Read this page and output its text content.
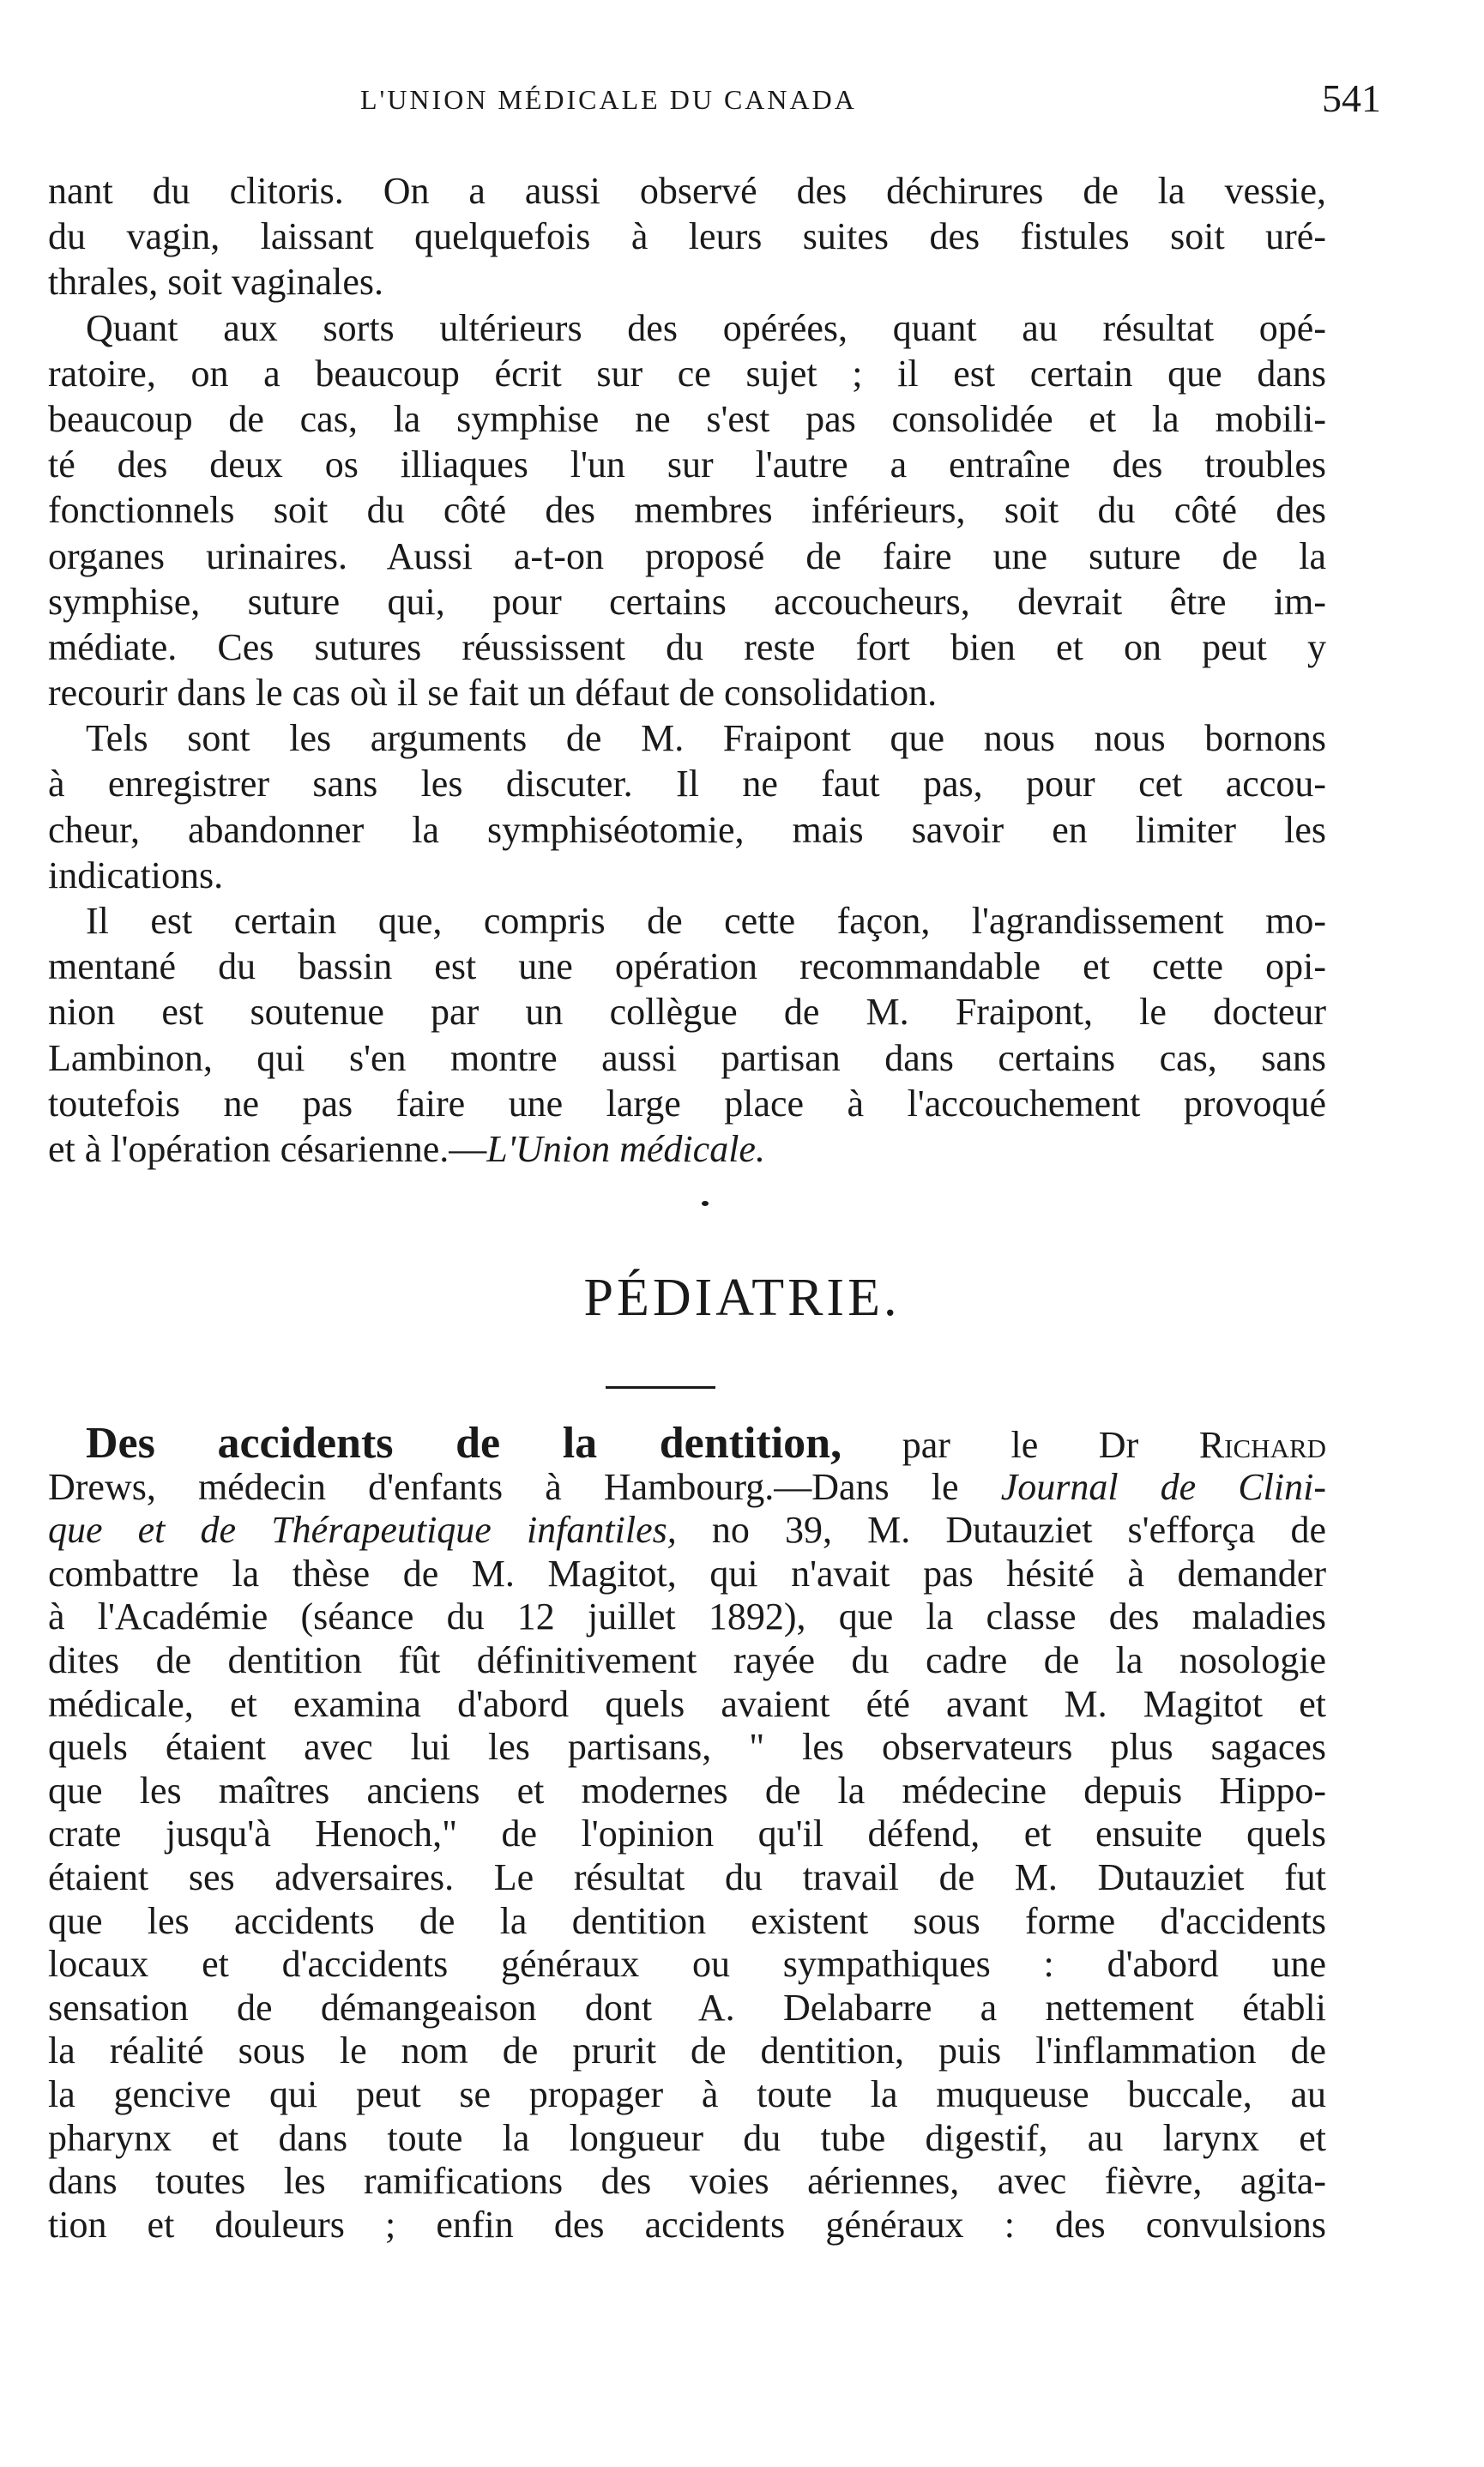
L'UNION MÉDICALE DU CANADA	541
nant du clitoris. On a aussi observé des déchirures de la vessie,
du vagin, laissant quelquefois à leurs suites des fistules soit uré-
thrales, soit vaginales.
Quant aux sorts ultérieurs des opérées, quant au résultat opé-
ratoire, on a beaucoup écrit sur ce sujet ; il est certain que dans
beaucoup de cas, la symphise ne s'est pas consolidée et la mobili-
té des deux os illiaques l'un sur l'autre a entraîne des troubles
fonctionnels soit du côté des membres inférieurs, soit du côté des
organes urinaires. Aussi a-t-on proposé de faire une suture de la
symphise, suture qui, pour certains accoucheurs, devrait être im-
médiate. Ces sutures réussissent du reste fort bien et on peut y
recourir dans le cas où il se fait un défaut de consolidation.
Tels sont les arguments de M. Fraipont que nous nous bornons
à enregistrer sans les discuter. Il ne faut pas, pour cet accou-
cheur, abandonner la symphiséotomie, mais savoir en limiter les
indications.
Il est certain que, compris de cette façon, l'agrandissement mo-
mentané du bassin est une opération recommandable et cette opi-
nion est soutenue par un collègue de M. Fraipont, le docteur
Lambinon, qui s'en montre aussi partisan dans certains cas, sans
toutefois ne pas faire une large place à l'accouchement provoqué
et à l'opération césarienne.—L'Union médicale.
PÉDIATRIE.
Des accidents de la dentition, par le Dr Richard
Drews, médecin d'enfants à Hambourg.—Dans le Journal de Clini-
que et de Thérapeutique infantiles, no 39, M. Dutauziet s'efforça de
combattre la thèse de M. Magitot, qui n'avait pas hésité à demander
à l'Académie (séance du 12 juillet 1892), que la classe des maladies
dites de dentition fût définitivement rayée du cadre de la nosologie
médicale, et examina d'abord quels avaient été avant M. Magitot et
quels étaient avec lui les partisans, " les observateurs plus sagaces
que les maîtres anciens et modernes de la médecine depuis Hippo-
crate jusqu'à Henoch," de l'opinion qu'il défend, et ensuite quels
étaient ses adversaires. Le résultat du travail de M. Dutauziet fut
que les accidents de la dentition existent sous forme d'accidents
locaux et d'accidents généraux ou sympathiques : d'abord une
sensation de démangeaison dont A. Delabarre a nettement établi
la réalité sous le nom de prurit de dentition, puis l'inflammation de
la gencive qui peut se propager à toute la muqueuse buccale, au
pharynx et dans toute la longueur du tube digestif, au larynx et
dans toutes les ramifications des voies aériennes, avec fièvre, agita-
tion et douleurs ; enfin des accidents généraux : des convulsions
